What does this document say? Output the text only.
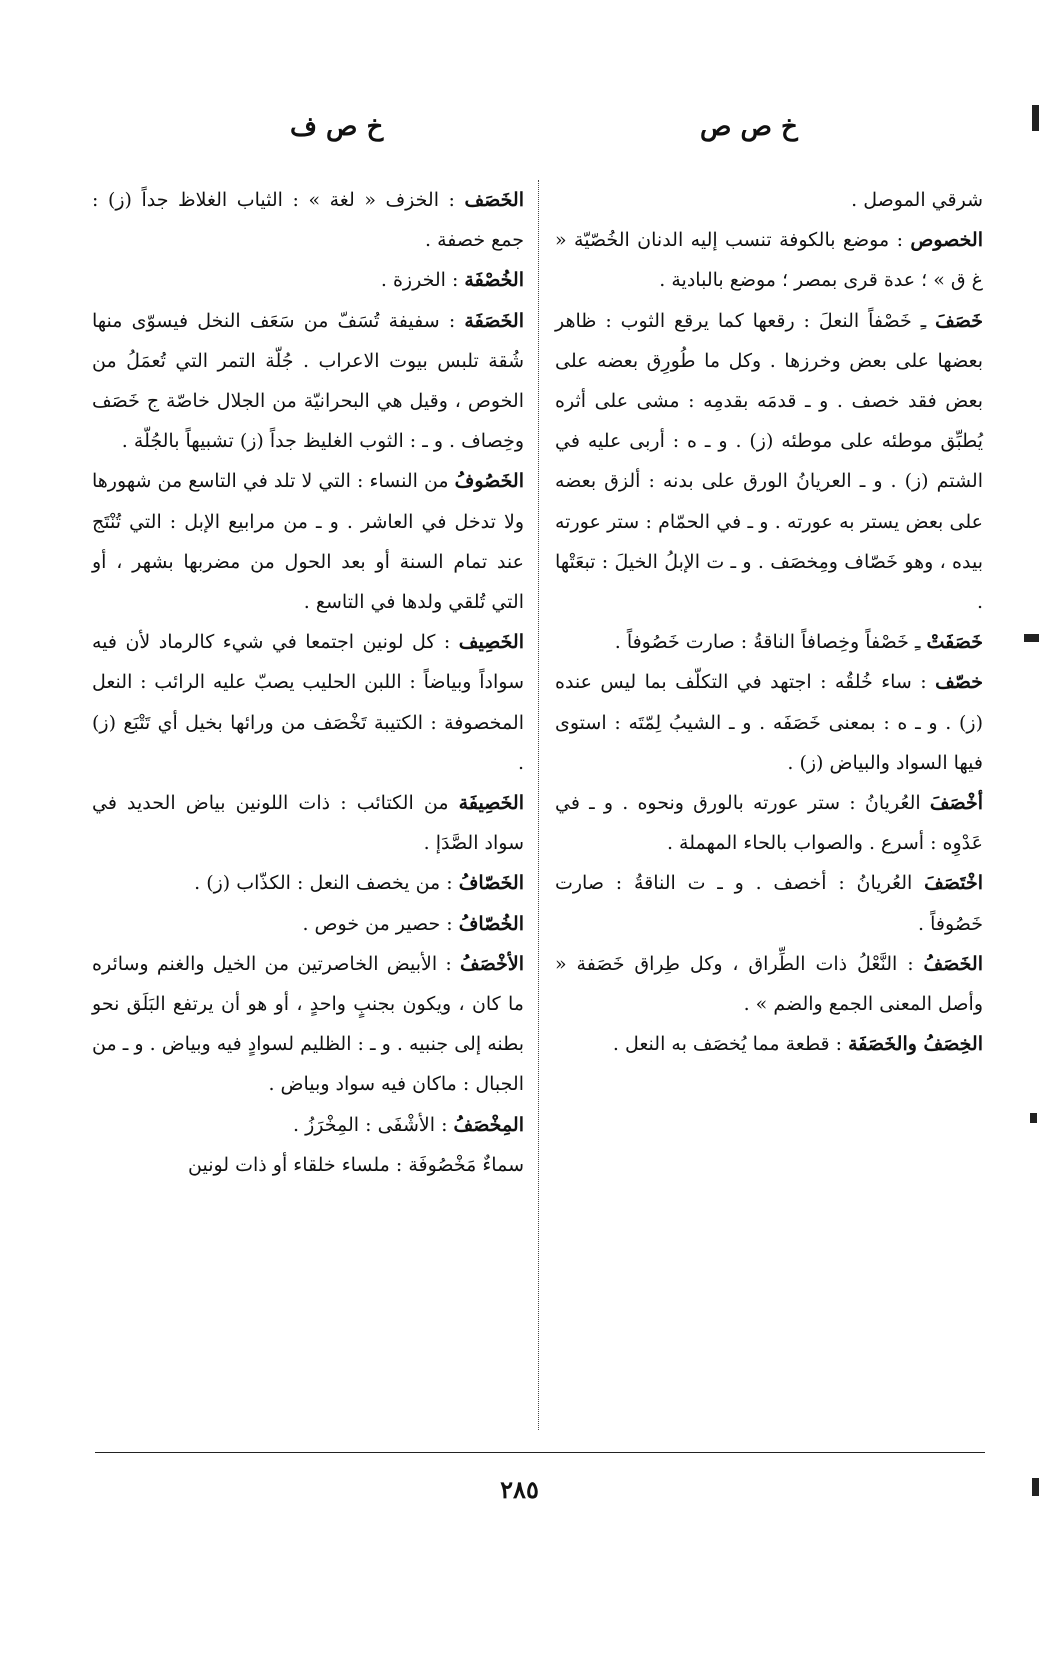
خ ص ص
خ ص ف

شرقي الموصل .

الخصوص : موضع بالكوفة تنسب إليه الدنان الخُصّيّة « غ ق » ؛ عدة قرى بمصر ؛ موضع بالبادية .

خَصَفَ ـِ خَصْفاً النعلَ : رقعها كما يرقع الثوب : ظاهر بعضها على بعض وخرزها . وكل ما طُورِق بعضه على بعض فقد خصف . و ـ قدمَه بقدمِه : مشى على أثره يُطبِّق موطئه على موطئه (ز) . و ـ ه : أربى عليه في الشتم (ز) . و ـ العريانُ الورق على بدنه : ألزق بعضه على بعض يستر به عورته . و ـ في الحمّام : ستر عورته بيده ، وهو خَصّاف ومِخصَف . و ـ ت الإبلُ الخيلَ : تبعَتْها .

خَصَفَتْ ـِ خَصْفاً وخِصافاً الناقةُ : صارت خَصُوفاً .

خصّف : ساء خُلقُه : اجتهد في التكلّف بما ليس عنده (ز) . و ـ ه : بمعنى خَصَفَه . و ـ الشيبُ لِمّتَه : استوى فيها السواد والبياض (ز) .

أخْصَفَ العُريانُ : ستر عورته بالورق ونحوه . و ـ في عَدْوِه : أسرع . والصواب بالحاء المهملة .

اخْتَصَفَ العُريانُ : أخصف . و ـ ت الناقةُ : صارت خَصُوفاً .

الخَصَفُ : النَّعْلُ ذات الطِّراق ، وكل طِراق خَصَفة « وأصل المعنى الجمع والضم » .

الخِصَفُ والخَصَفَة : قطعة مما يُخصَف به النعل .

الخَصَف : الخزف « لغة » : الثياب الغلاظ جداً (ز) : جمع خصفة .

الخُصْفَة : الخرزة .

الخَصَفَة : سفيفة تُسَفّ من سَعَف النخل فيسوّى منها شُقة تلبس بيوت الاعراب . جُلّة التمر التي تُعمَلُ من الخوص ، وقيل هي البحرانيّة من الجلال خاصّة ج خَصَف وخِصاف . و ـ : الثوب الغليظ جداً (ز) تشبيهاً بالجُلّة .

الخَصُوفُ من النساء : التي لا تلد في التاسع من شهورها ولا تدخل في العاشر . و ـ من مرابيع الإبل : التي تُنْتَج عند تمام السنة أو بعد الحول من مضربها بشهر ، أو التي تُلقي ولدها في التاسع .

الخَصِيف : كل لونين اجتمعا في شيء كالرماد لأن فيه سواداً وبياضاً : اللبن الحليب يصبّ عليه الرائب : النعل المخصوفة : الكتيبة تَخْصَف من ورائها بخيل أي تَتْبَع (ز) .

الخَصِيفَة من الكتائب : ذات اللونين بياض الحديد في سواد الصَّدَإ .

الخَصّافُ : من يخصف النعل : الكذّاب (ز) .

الخُصّافُ : حصير من خوص .

الأخْصَفُ : الأبيض الخاصرتين من الخيل والغنم وسائره ما كان ، ويكون بجنبٍ واحدٍ ، أو هو أن يرتفع البَلَق نحو بطنه إلى جنبيه . و ـ : الظليم لسوادٍ فيه وبياض . و ـ من الجبال : ماكان فيه سواد وبياض .

المِخْصَفُ : الأشْفَى : المِخْرَزُ .

سماءٌ مَخْصُوفَة : ملساء خلقاء أو ذات لونين

٢٨٥
